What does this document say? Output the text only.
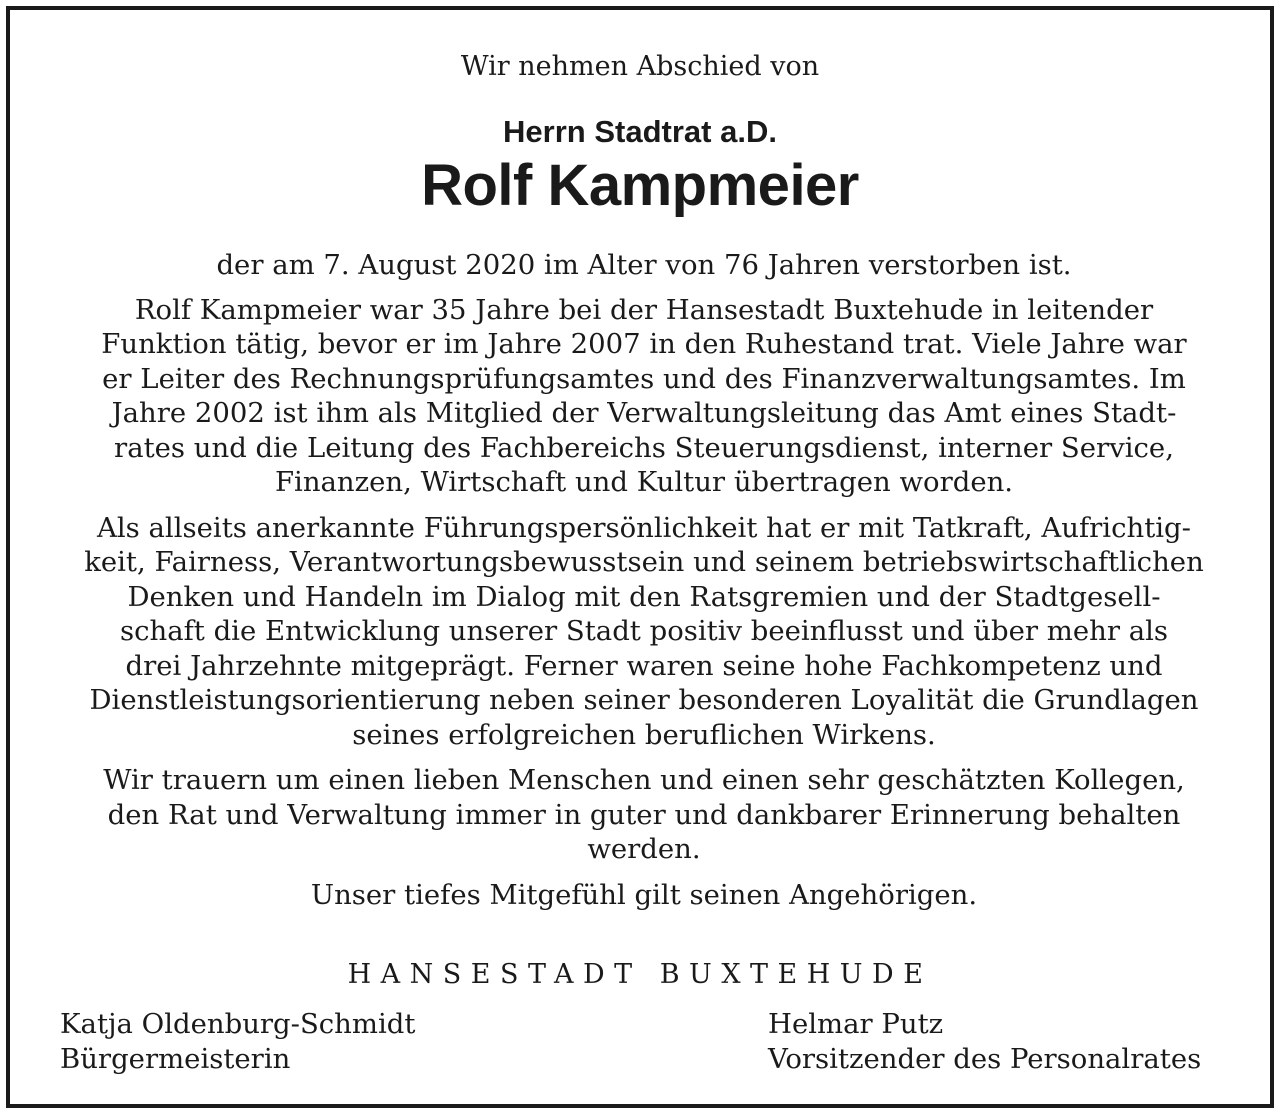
Wir nehmen Abschied von
Herrn Stadtrat a.D.
Rolf Kampmeier

der am 7. August 2020 im Alter von 76 Jahren verstorben ist.

Rolf Kampmeier war 35 Jahre bei der Hansestadt Buxtehude in leitender
Funktion tätig, bevor er im Jahre 2007 in den Ruhestand trat. Viele Jahre war
er Leiter des Rechnungsprüfungsamtes und des Finanzverwaltungsamtes. Im
Jahre 2002 ist ihm als Mitglied der Verwaltungsleitung das Amt eines Stadt-
rates und die Leitung des Fachbereichs Steuerungsdienst, interner Service,
Finanzen, Wirtschaft und Kultur übertragen worden.

Als allseits anerkannte Führungspersönlichkeit hat er mit Tatkraft, Aufrichtig-
keit, Fairness, Verantwortungsbewusstsein und seinem betriebswirtschaftlichen
Denken und Handeln im Dialog mit den Ratsgremien und der Stadtgesell-
schaft die Entwicklung unserer Stadt positiv beeinflusst und über mehr als
drei Jahrzehnte mitgeprägt. Ferner waren seine hohe Fachkompetenz und
Dienstleistungsorientierung neben seiner besonderen Loyalität die Grundlagen
seines erfolgreichen beruflichen Wirkens.

Wir trauern um einen lieben Menschen und einen sehr geschätzten Kollegen,
den Rat und Verwaltung immer in guter und dankbarer Erinnerung behalten
werden.

Unser tiefes Mitgefühl gilt seinen Angehörigen.

HANSESTADT BUXTEHUDE
Katja Oldenburg-Schmidt
Bürgermeisterin
Helmar Putz
Vorsitzender des Personalrates
